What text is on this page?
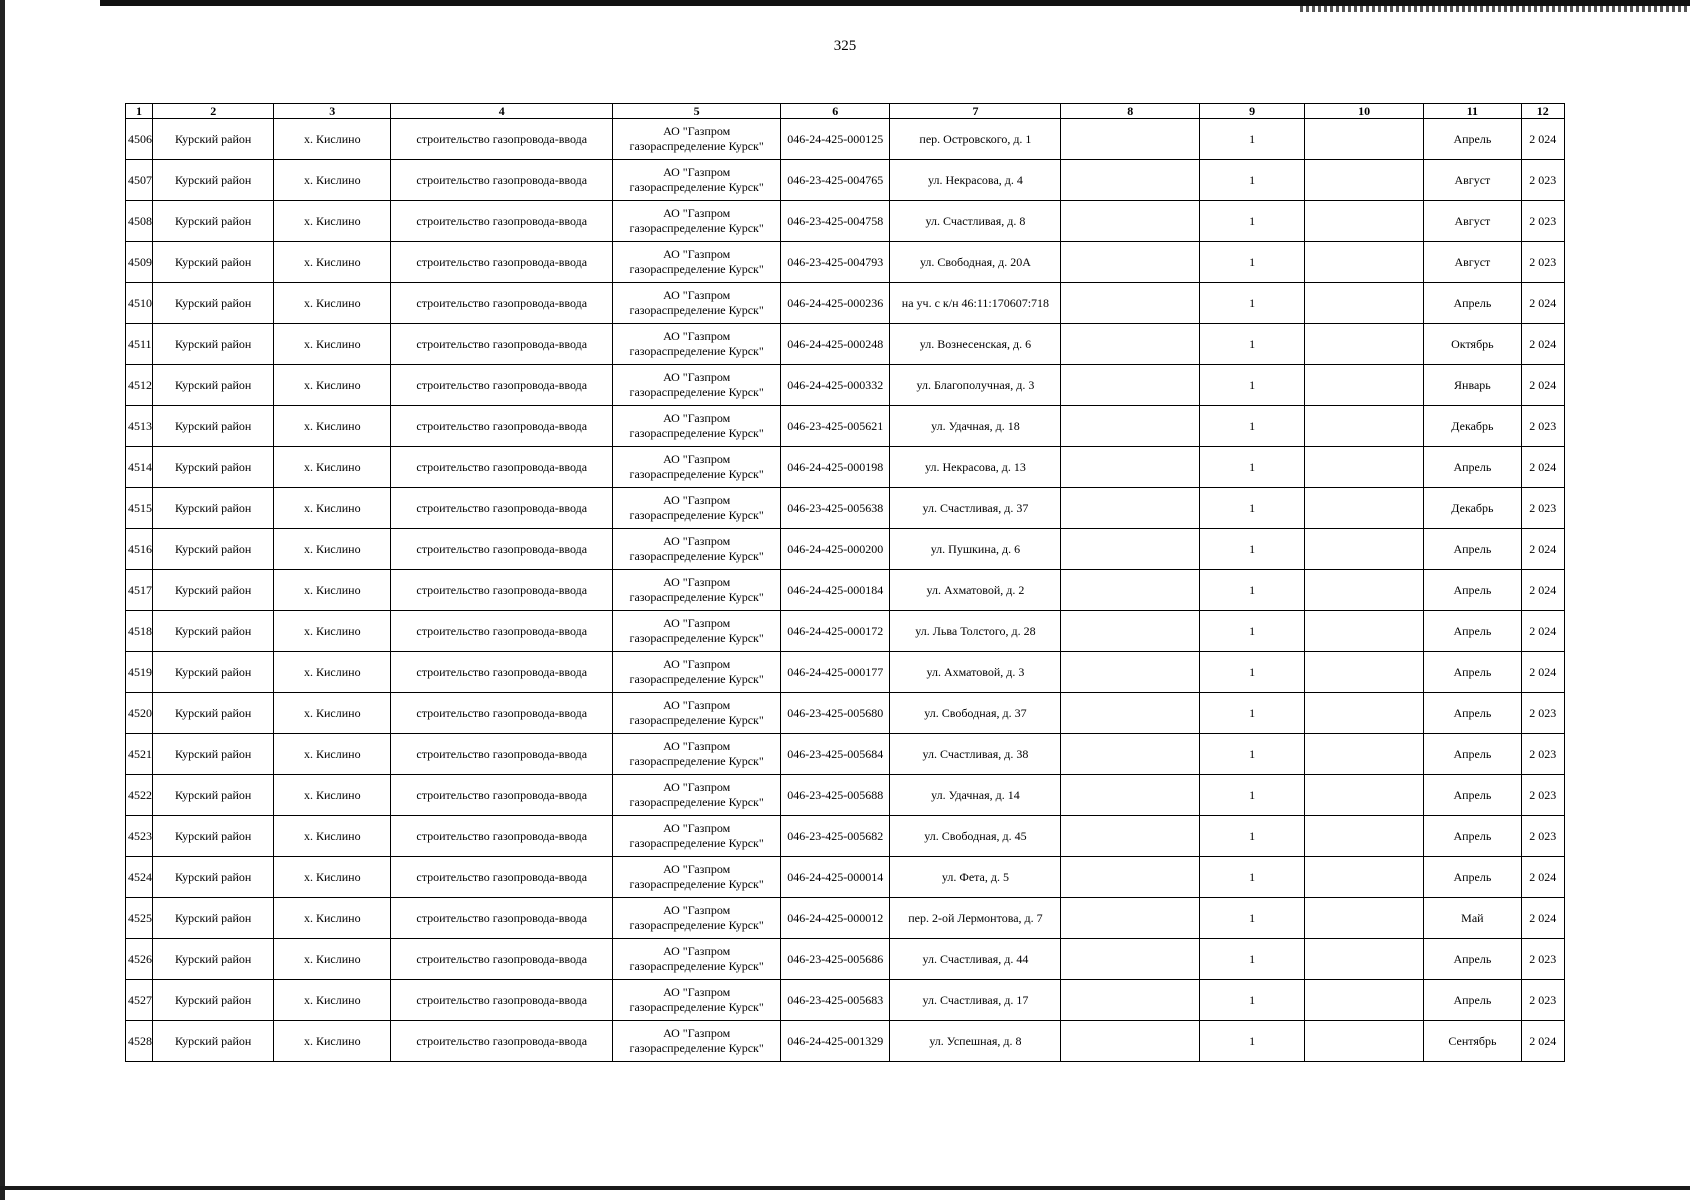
325
1	2	3	4	5	6	7	8	9	10	11	12
4506	Курский район	х. Кислино	строительство газопровода-ввода	АО "Газпром
газораспределение Курск"	046-24-425-000125	пер. Островского, д. 1		1		Апрель	2 024
4507	Курский район	х. Кислино	строительство газопровода-ввода	АО "Газпром
газораспределение Курск"	046-23-425-004765	ул. Некрасова, д. 4		1		Август	2 023
4508	Курский район	х. Кислино	строительство газопровода-ввода	АО "Газпром
газораспределение Курск"	046-23-425-004758	ул. Счастливая, д. 8		1		Август	2 023
4509	Курский район	х. Кислино	строительство газопровода-ввода	АО "Газпром
газораспределение Курск"	046-23-425-004793	ул. Свободная, д. 20А		1		Август	2 023
4510	Курский район	х. Кислино	строительство газопровода-ввода	АО "Газпром
газораспределение Курск"	046-24-425-000236	на уч. с к/н 46:11:170607:718		1		Апрель	2 024
4511	Курский район	х. Кислино	строительство газопровода-ввода	АО "Газпром
газораспределение Курск"	046-24-425-000248	ул. Вознесенская, д. 6		1		Октябрь	2 024
4512	Курский район	х. Кислино	строительство газопровода-ввода	АО "Газпром
газораспределение Курск"	046-24-425-000332	ул. Благополучная, д. 3		1		Январь	2 024
4513	Курский район	х. Кислино	строительство газопровода-ввода	АО "Газпром
газораспределение Курск"	046-23-425-005621	ул. Удачная, д. 18		1		Декабрь	2 023
4514	Курский район	х. Кислино	строительство газопровода-ввода	АО "Газпром
газораспределение Курск"	046-24-425-000198	ул. Некрасова, д. 13		1		Апрель	2 024
4515	Курский район	х. Кислино	строительство газопровода-ввода	АО "Газпром
газораспределение Курск"	046-23-425-005638	ул. Счастливая, д. 37		1		Декабрь	2 023
4516	Курский район	х. Кислино	строительство газопровода-ввода	АО "Газпром
газораспределение Курск"	046-24-425-000200	ул. Пушкина, д. 6		1		Апрель	2 024
4517	Курский район	х. Кислино	строительство газопровода-ввода	АО "Газпром
газораспределение Курск"	046-24-425-000184	ул. Ахматовой, д. 2		1		Апрель	2 024
4518	Курский район	х. Кислино	строительство газопровода-ввода	АО "Газпром
газораспределение Курск"	046-24-425-000172	ул. Льва Толстого, д. 28		1		Апрель	2 024
4519	Курский район	х. Кислино	строительство газопровода-ввода	АО "Газпром
газораспределение Курск"	046-24-425-000177	ул. Ахматовой, д. 3		1		Апрель	2 024
4520	Курский район	х. Кислино	строительство газопровода-ввода	АО "Газпром
газораспределение Курск"	046-23-425-005680	ул. Свободная, д. 37		1		Апрель	2 023
4521	Курский район	х. Кислино	строительство газопровода-ввода	АО "Газпром
газораспределение Курск"	046-23-425-005684	ул. Счастливая, д. 38		1		Апрель	2 023
4522	Курский район	х. Кислино	строительство газопровода-ввода	АО "Газпром
газораспределение Курск"	046-23-425-005688	ул. Удачная, д. 14		1		Апрель	2 023
4523	Курский район	х. Кислино	строительство газопровода-ввода	АО "Газпром
газораспределение Курск"	046-23-425-005682	ул. Свободная, д. 45		1		Апрель	2 023
4524	Курский район	х. Кислино	строительство газопровода-ввода	АО "Газпром
газораспределение Курск"	046-24-425-000014	ул. Фета, д. 5		1		Апрель	2 024
4525	Курский район	х. Кислино	строительство газопровода-ввода	АО "Газпром
газораспределение Курск"	046-24-425-000012	пер. 2-ой Лермонтова, д. 7		1		Май	2 024
4526	Курский район	х. Кислино	строительство газопровода-ввода	АО "Газпром
газораспределение Курск"	046-23-425-005686	ул. Счастливая, д. 44		1		Апрель	2 023
4527	Курский район	х. Кислино	строительство газопровода-ввода	АО "Газпром
газораспределение Курск"	046-23-425-005683	ул. Счастливая, д. 17		1		Апрель	2 023
4528	Курский район	х. Кислино	строительство газопровода-ввода	АО "Газпром
газораспределение Курск"	046-24-425-001329	ул. Успешная, д. 8		1		Сентябрь	2 024
